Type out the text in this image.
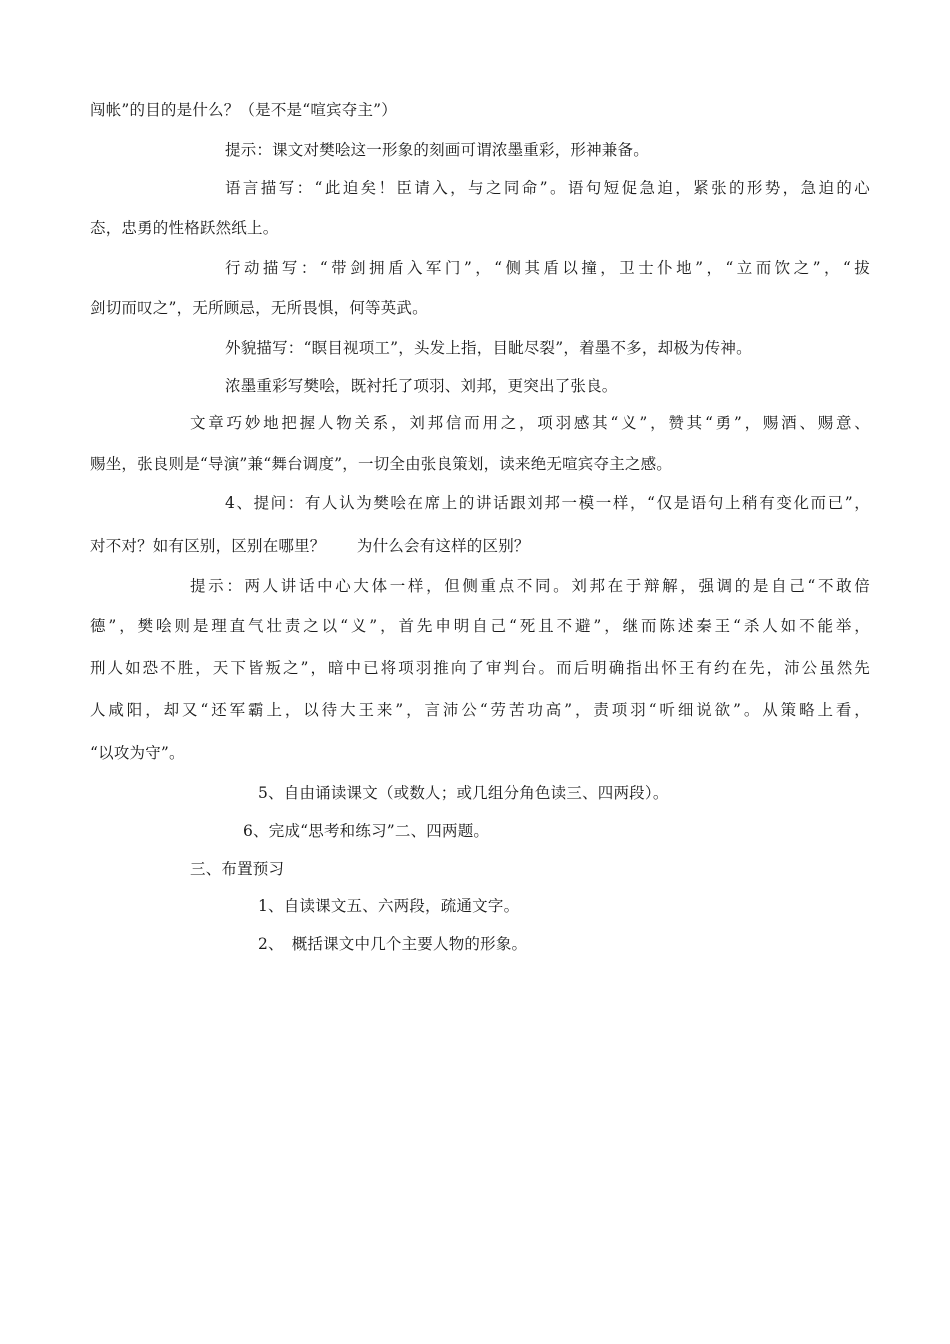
闯帐”的目的是什么？（是不是“喧宾夺主”）
提示：课文对樊哙这一形象的刻画可谓浓墨重彩，形神兼备。
语言描写：“此迫矣！臣请入，与之同命”。语句短促急迫，紧张的形势，急迫的心
态，忠勇的性格跃然纸上。
行动描写：“带剑拥盾入军门”，“侧其盾以撞，卫士仆地”，“立而饮之”，“拔
剑切而叹之”，无所顾忌，无所畏惧，何等英武。
外貌描写：“瞑目视项工”，头发上指，目眦尽裂”，着墨不多，却极为传神。
浓墨重彩写樊哙，既衬托了项羽、刘邦，更突出了张良。
文章巧妙地把握人物关系，刘邦信而用之，项羽感其“义”，赞其“勇”，赐酒、赐意、
赐坐，张良则是“导演”兼“舞台调度”，一切全由张良策划，读来绝无喧宾夺主之感。
4、提问：有人认为樊哙在席上的讲话跟刘邦一模一样，“仅是语句上稍有变化而已”，
对不对？如有区别，区别在哪里？　　为什么会有这样的区别？
提示：两人讲话中心大体一样，但侧重点不同。刘邦在于辩解，强调的是自己“不敢倍
德”，樊哙则是理直气壮责之以“义”，首先申明自己“死且不避”，继而陈述秦王“杀人如不能举，
刑人如恐不胜，天下皆叛之”，暗中已将项羽推向了审判台。而后明确指出怀王有约在先，沛公虽然先
人咸阳，却又“还军霸上，以待大王来”，言沛公“劳苦功高”，责项羽“听细说欲”。从策略上看，
“以攻为守”。
5、自由诵读课文（或数人；或几组分角色读三、四两段）。
6、完成“思考和练习”二、四两题。
三、布置预习
1、自读课文五、六两段，疏通文字。
2、　概括课文中几个主要人物的形象。
